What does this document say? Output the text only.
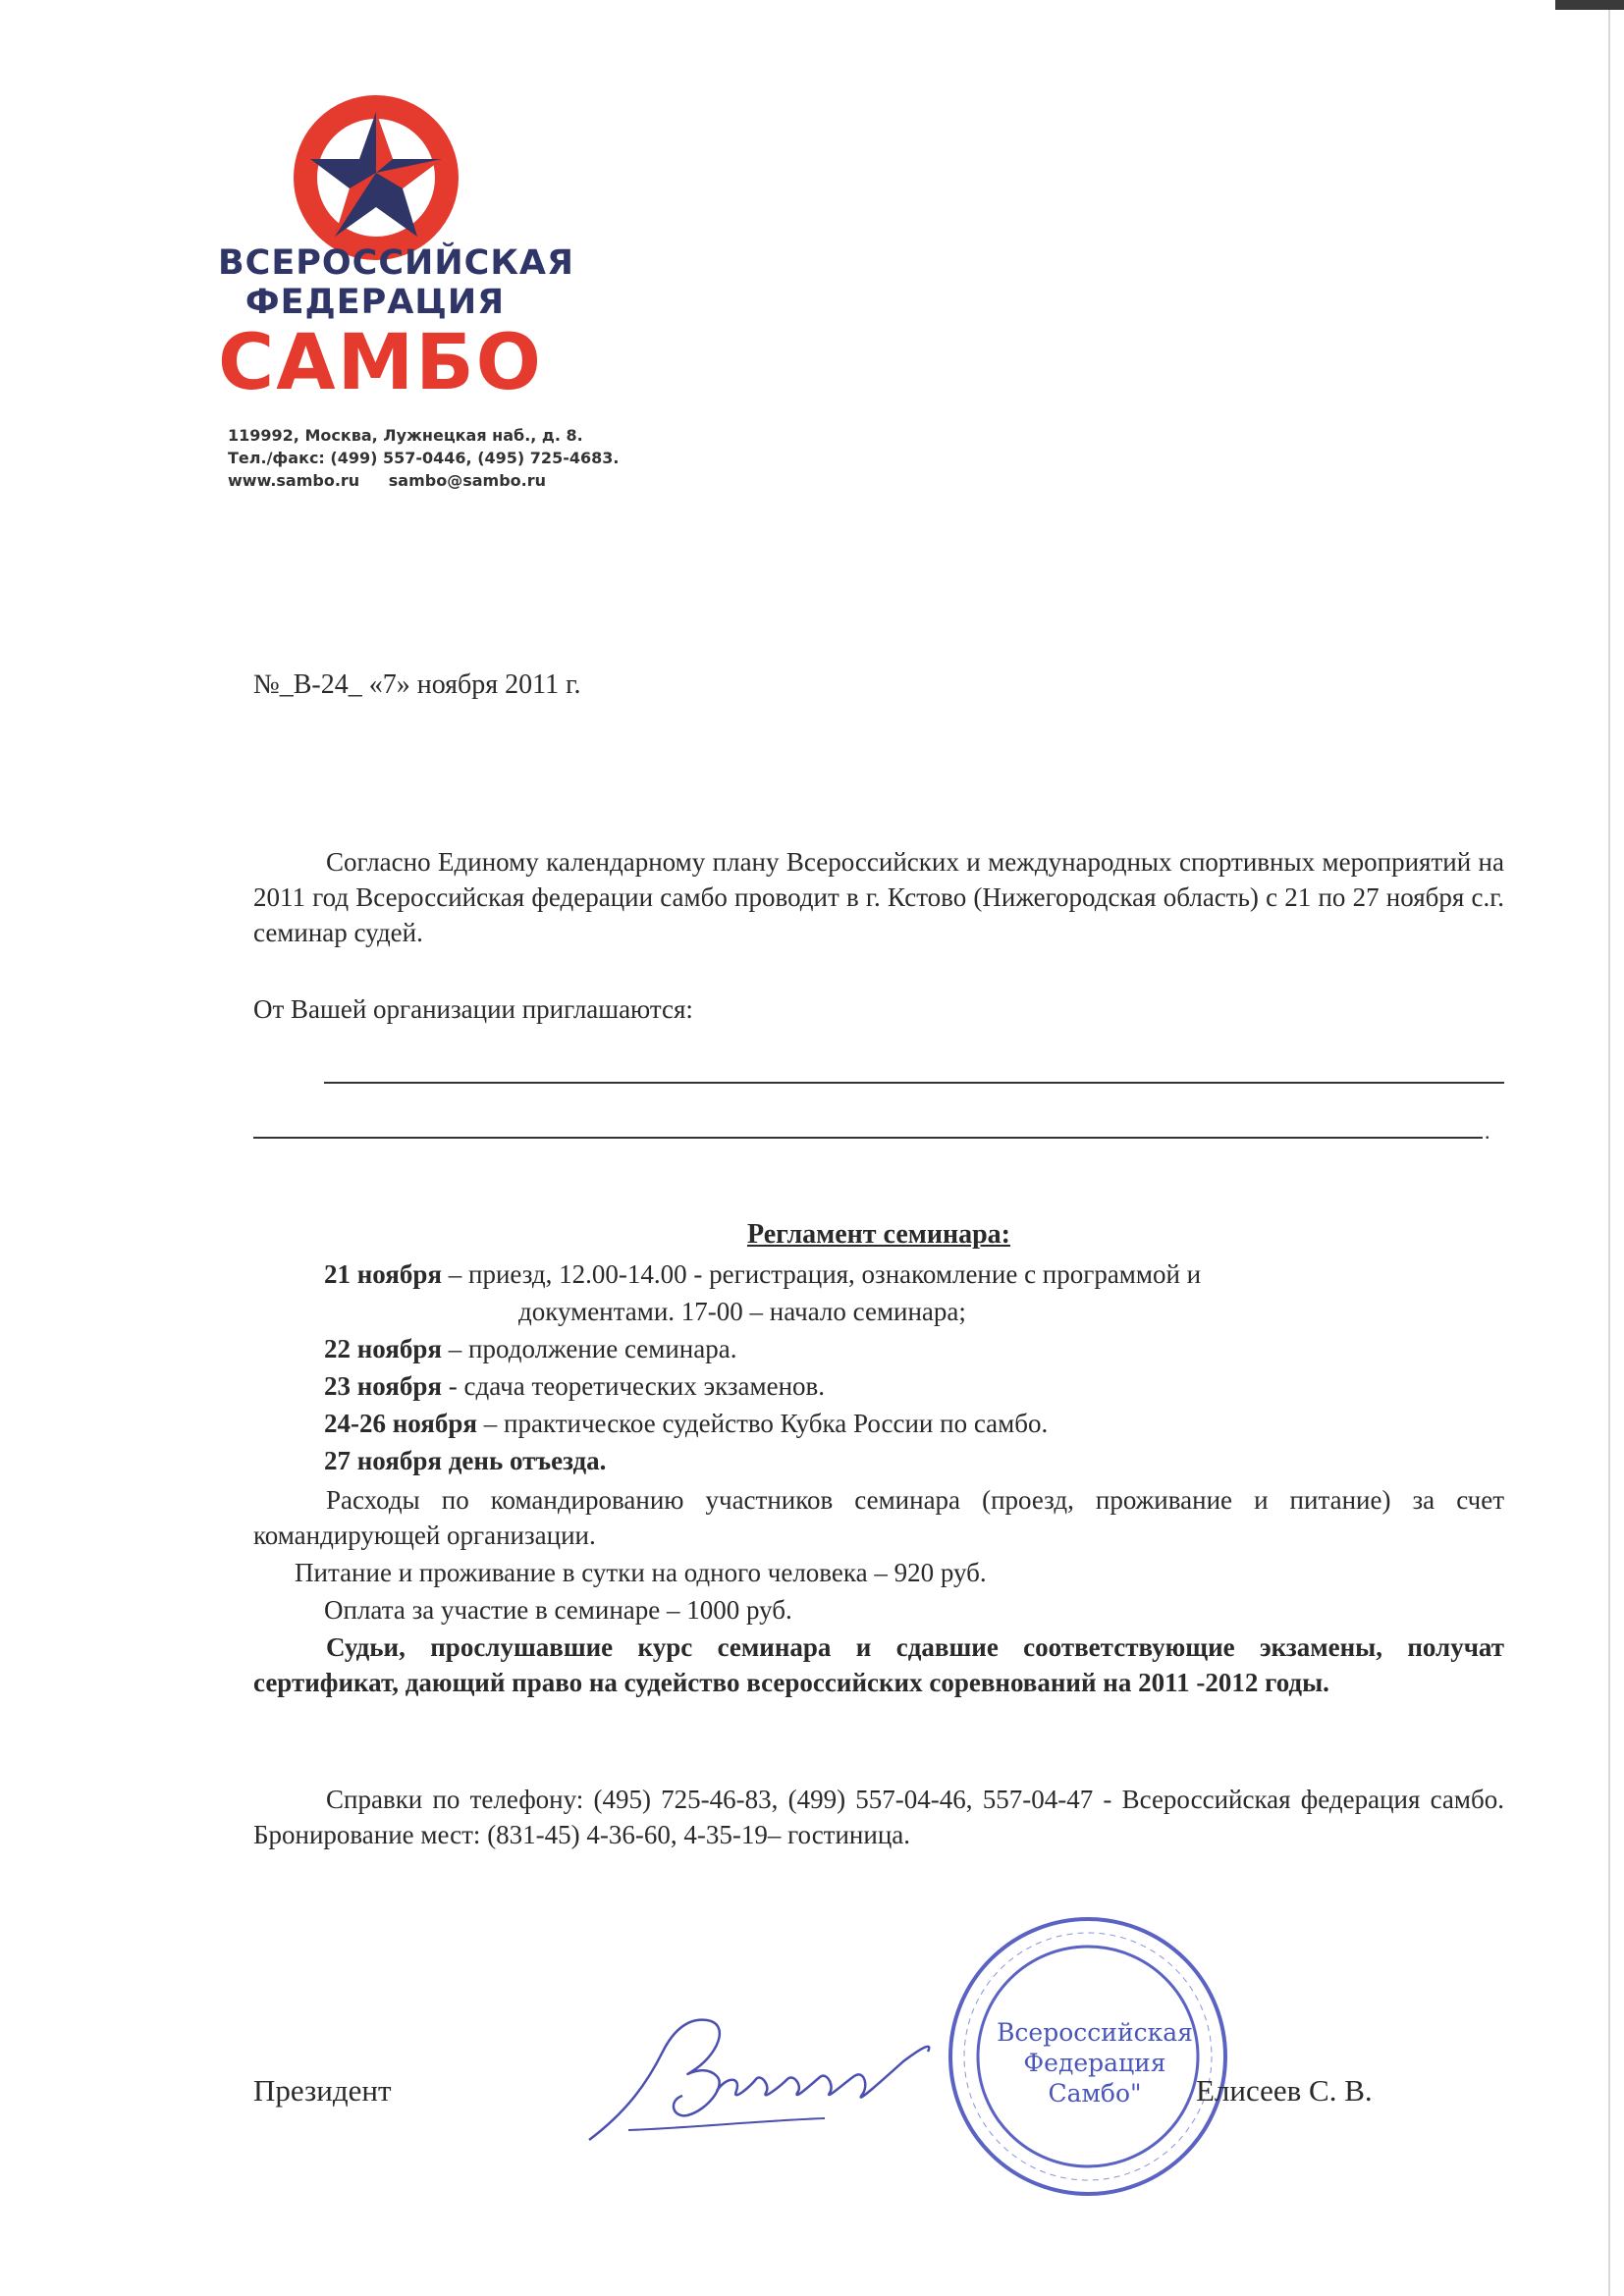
ВСЕРОССИЙСКАЯ
ФЕДЕРАЦИЯ
САМБО
119992, Москва, Лужнецкая наб., д. 8.
Тел./факс: (499) 557-0446, (495) 725-4683.
www.sambo.ru sambo@sambo.ru
№_В-24_ «7» ноября 2011 г.
Согласно Единому календарному плану Всероссийских и международных спортивных мероприятий на 2011 год Всероссийская федерации самбо проводит в г. Кстово (Нижегородская область) с 21 по 27 ноября с.г. семинар судей.
От Вашей организации приглашаются:
.
Регламент семинара:
21 ноября – приезд, 12.00-14.00 - регистрация, ознакомление с программой и
документами. 17-00 – начало семинара;
22 ноября – продолжение семинара.
23 ноября - сдача теоретических экзаменов.
24-26 ноября – практическое судейство Кубка России по самбо.
27 ноября день отъезда.
Расходы по командированию участников семинара (проезд, проживание и питание) за счет командирующей организации.
Питание и проживание в сутки на одного человека – 920 руб.
Оплата за участие в семинаре – 1000 руб.
Судьи, прослушавшие курс семинара и сдавшие соответствующие экзамены, получат сертификат, дающий право на судейство всероссийских соревнований на 2011 -2012 годы.
Справки по телефону: (495) 725-46-83, (499) 557-04-46, 557-04-47 - Всероссийская федерация самбо. Бронирование мест: (831-45) 4-36-60, 4-35-19– гостиница.
Президент
Всероссийская
Федерация
Самбо"	Елисеев С. В.
